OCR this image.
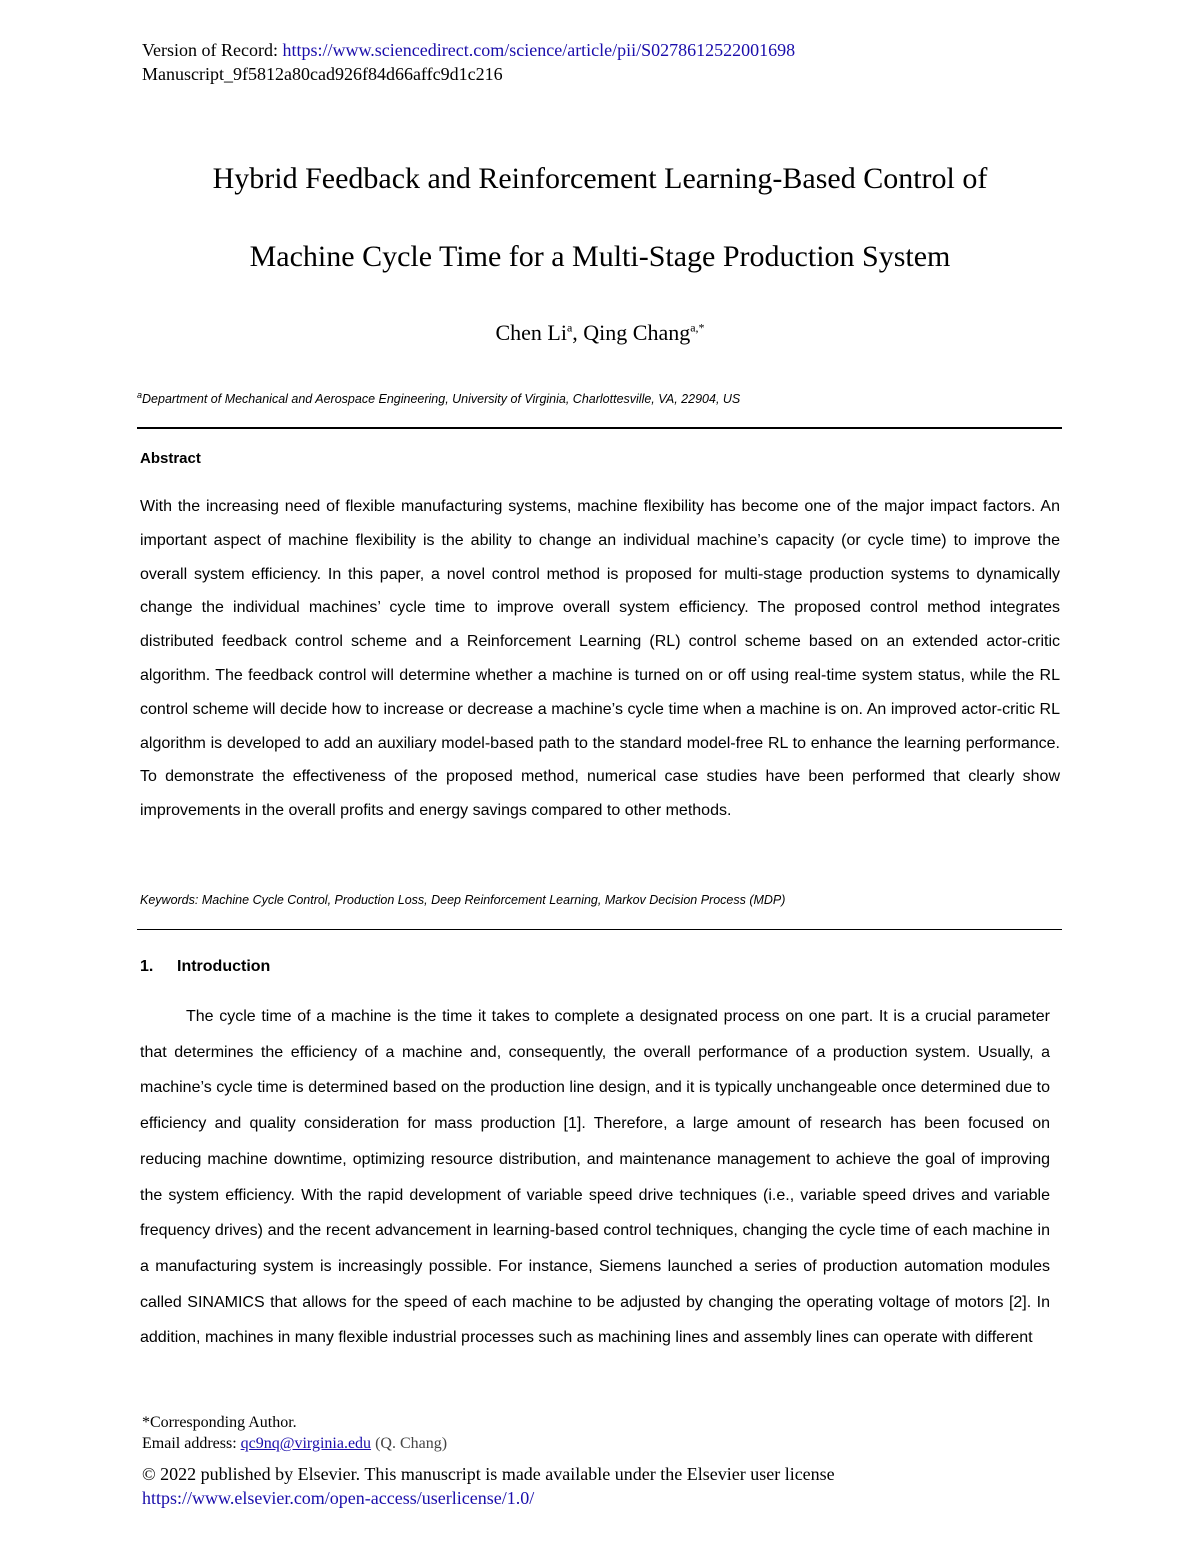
Version of Record: https://www.sciencedirect.com/science/article/pii/S0278612522001698
Manuscript_9f5812a80cad926f84d66affc9d1c216
Hybrid Feedback and Reinforcement Learning-Based Control of
Machine Cycle Time for a Multi-Stage Production System
Chen Li$^a$, Qing Chang$^{a,*}$
$^a$Department of Mechanical and Aerospace Engineering, University of Virginia, Charlottesville, VA, 22904, US
Abstract
With the increasing need of flexible manufacturing systems, machine flexibility has become one of the major impact factors. An important aspect of machine flexibility is the ability to change an individual machine’s capacity (or cycle time) to improve the overall system efficiency. In this paper, a novel control method is proposed for multi-stage production systems to dynamically change the individual machines’ cycle time to improve overall system efficiency. The proposed control method integrates distributed feedback control scheme and a Reinforcement Learning (RL) control scheme based on an extended actor-critic algorithm. The feedback control will determine whether a machine is turned on or off using real-time system status, while the RL control scheme will decide how to increase or decrease a machine’s cycle time when a machine is on. An improved actor-critic RL algorithm is developed to add an auxiliary model-based path to the standard model-free RL to enhance the learning performance. To demonstrate the effectiveness of the proposed method, numerical case studies have been performed that clearly show improvements in the overall profits and energy savings compared to other methods.
Keywords: Machine Cycle Control, Production Loss, Deep Reinforcement Learning, Markov Decision Process (MDP)
1. Introduction
The cycle time of a machine is the time it takes to complete a designated process on one part. It is a crucial parameter that determines the efficiency of a machine and, consequently, the overall performance of a production system. Usually, a machine’s cycle time is determined based on the production line design, and it is typically unchangeable once determined due to efficiency and quality consideration for mass production [1]. Therefore, a large amount of research has been focused on reducing machine downtime, optimizing resource distribution, and maintenance management to achieve the goal of improving the system efficiency. With the rapid development of variable speed drive techniques (i.e., variable speed drives and variable frequency drives) and the recent advancement in learning-based control techniques, changing the cycle time of each machine in a manufacturing system is increasingly possible. For instance, Siemens launched a series of production automation modules called SINAMICS that allows for the speed of each machine to be adjusted by changing the operating voltage of motors [2]. In addition, machines in many flexible industrial processes such as machining lines and assembly lines can operate with different
*Corresponding Author.
Email address: qc9nq@virginia.edu (Q. Chang)
© 2022 published by Elsevier. This manuscript is made available under the Elsevier user license
https://www.elsevier.com/open-access/userlicense/1.0/
